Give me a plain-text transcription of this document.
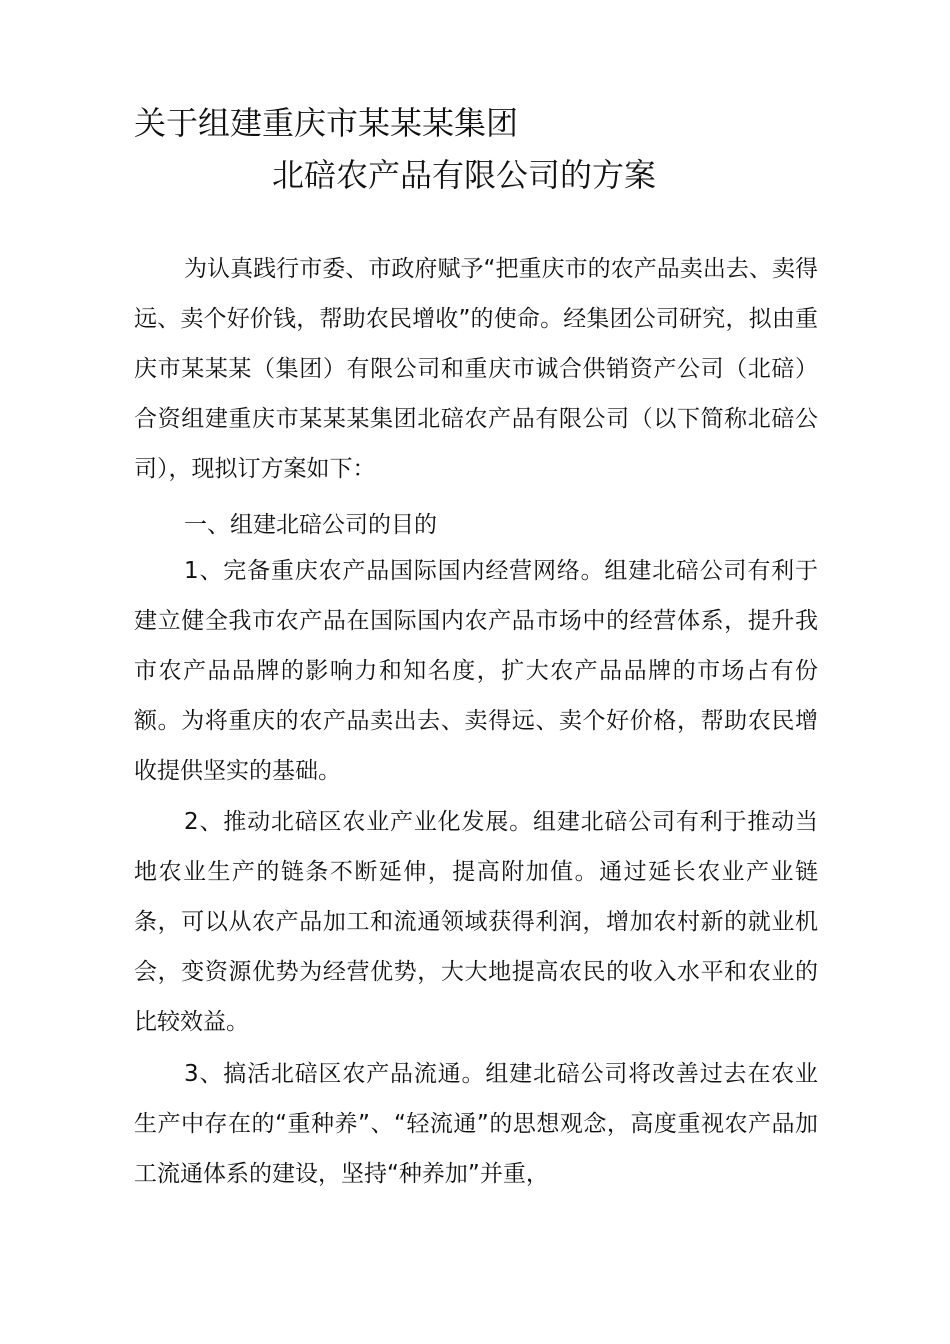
关于组建重庆市某某某集团
北碚农产品有限公司的方案

为认真践行市委、市政府赋予“把重庆市的农产品卖出去、卖得远、卖个好价钱，帮助农民增收”的使命。经集团公司研究，拟由重庆市某某某（集团）有限公司和重庆市诚合供销资产公司（北碚）合资组建重庆市某某某集团北碚农产品有限公司（以下简称北碚公司），现拟订方案如下：

一、组建北碚公司的目的

1、完备重庆农产品国际国内经营网络。组建北碚公司有利于建立健全我市农产品在国际国内农产品市场中的经营体系，提升我市农产品品牌的影响力和知名度，扩大农产品品牌的市场占有份额。为将重庆的农产品卖出去、卖得远、卖个好价格，帮助农民增收提供坚实的基础。

2、推动北碚区农业产业化发展。组建北碚公司有利于推动当地农业生产的链条不断延伸，提高附加值。通过延长农业产业链条，可以从农产品加工和流通领域获得利润，增加农村新的就业机会，变资源优势为经营优势，大大地提高农民的收入水平和农业的比较效益。

3、搞活北碚区农产品流通。组建北碚公司将改善过去在农业生产中存在的“重种养”、“轻流通”的思想观念，高度重视农产品加工流通体系的建设，坚持“种养加”并重，
